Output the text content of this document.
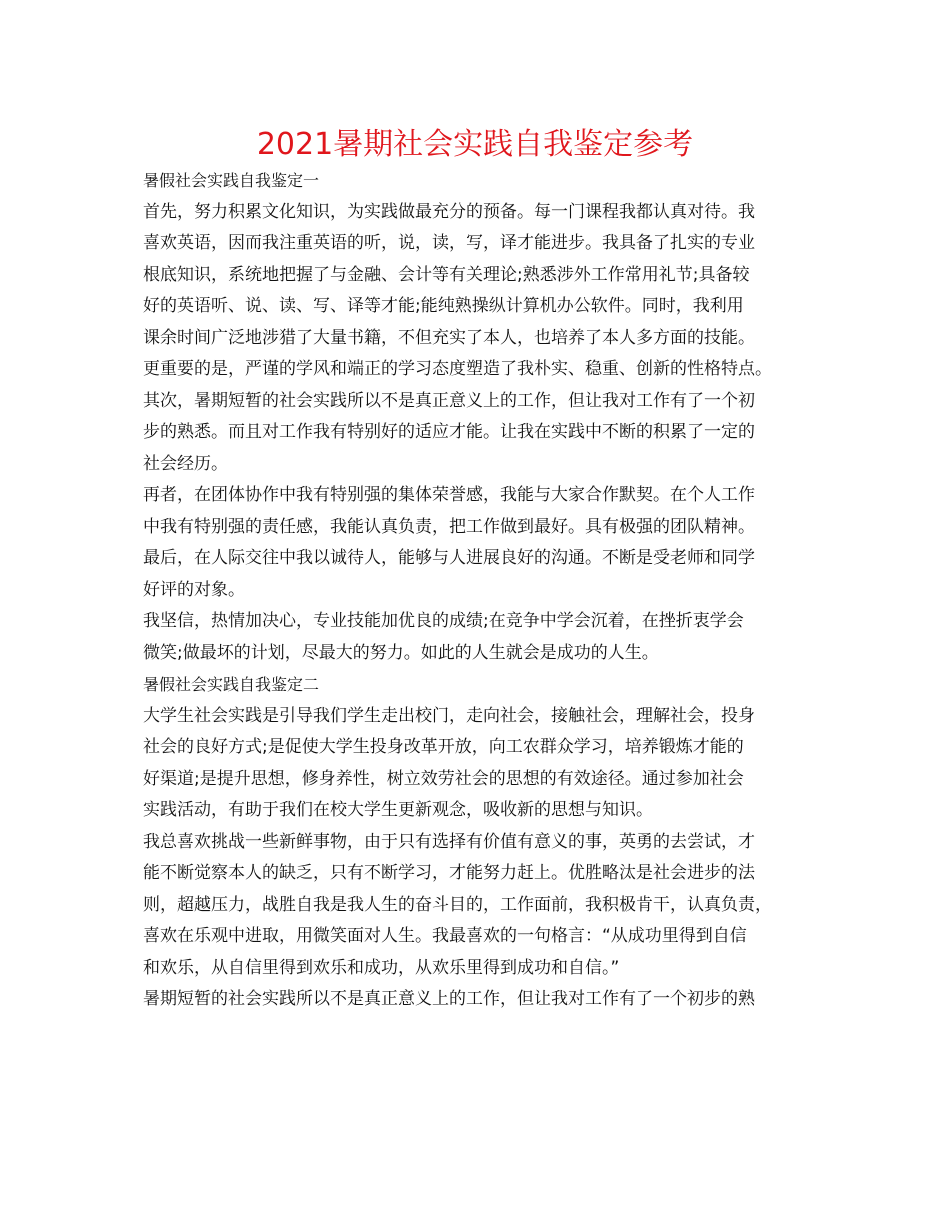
2021暑期社会实践自我鉴定参考
暑假社会实践自我鉴定一
首先，努力积累文化知识，为实践做最充分的预备。每一门课程我都认真对待。我
喜欢英语，因而我注重英语的听，说，读，写，译才能进步。我具备了扎实的专业
根底知识，系统地把握了与金融、会计等有关理论;熟悉涉外工作常用礼节;具备较
好的英语听、说、读、写、译等才能;能纯熟操纵计算机办公软件。同时，我利用
课余时间广泛地涉猎了大量书籍，不但充实了本人，也培养了本人多方面的技能。
更重要的是，严谨的学风和端正的学习态度塑造了我朴实、稳重、创新的性格特点。
其次，暑期短暂的社会实践所以不是真正意义上的工作，但让我对工作有了一个初
步的熟悉。而且对工作我有特别好的适应才能。让我在实践中不断的积累了一定的
社会经历。
再者，在团体协作中我有特别强的集体荣誉感，我能与大家合作默契。在个人工作
中我有特别强的责任感，我能认真负责，把工作做到最好。具有极强的团队精神。
最后，在人际交往中我以诚待人，能够与人进展良好的沟通。不断是受老师和同学
好评的对象。
我坚信，热情加决心，专业技能加优良的成绩;在竞争中学会沉着，在挫折衷学会
微笑;做最坏的计划，尽最大的努力。如此的人生就会是成功的人生。
暑假社会实践自我鉴定二
大学生社会实践是引导我们学生走出校门，走向社会，接触社会，理解社会，投身
社会的良好方式;是促使大学生投身改革开放，向工农群众学习，培养锻炼才能的
好渠道;是提升思想，修身养性，树立效劳社会的思想的有效途径。通过参加社会
实践活动，有助于我们在校大学生更新观念，吸收新的思想与知识。
我总喜欢挑战一些新鲜事物，由于只有选择有价值有意义的事，英勇的去尝试，才
能不断觉察本人的缺乏，只有不断学习，才能努力赶上。优胜略汰是社会进步的法
则，超越压力，战胜自我是我人生的奋斗目的，工作面前，我积极肯干，认真负责，
喜欢在乐观中进取，用微笑面对人生。我最喜欢的一句格言：“从成功里得到自信
和欢乐，从自信里得到欢乐和成功，从欢乐里得到成功和自信。”
暑期短暂的社会实践所以不是真正意义上的工作，但让我对工作有了一个初步的熟
